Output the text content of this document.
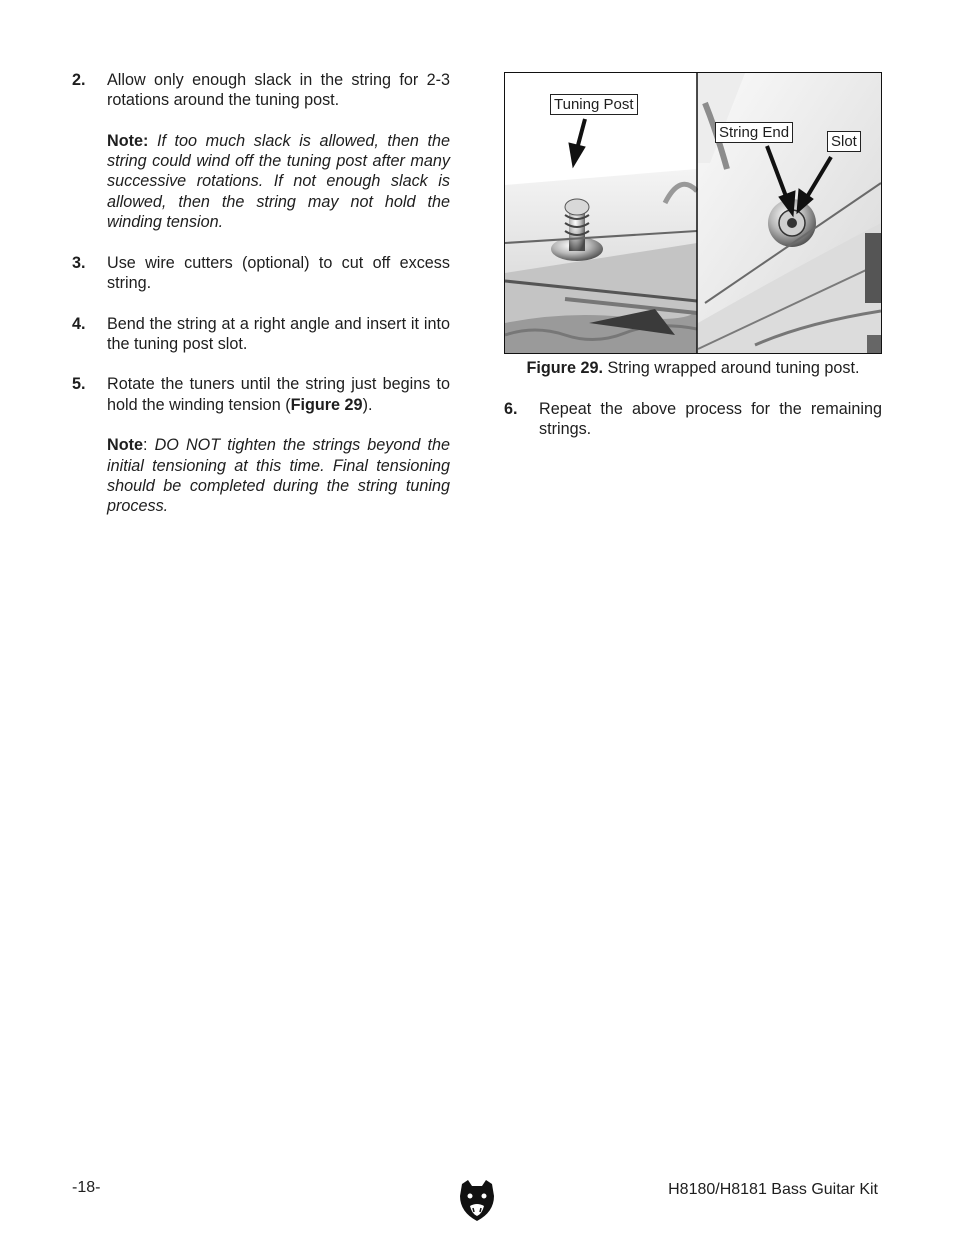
2. Allow only enough slack in the string for 2-3 rotations around the tuning post.
Note: If too much slack is allowed, then the string could wind off the tuning post after many successive rotations. If not enough slack is allowed, then the string may not hold the winding tension.
3. Use wire cutters (optional) to cut off excess string.
4. Bend the string at a right angle and insert it into the tuning post slot.
5. Rotate the tuners until the string just begins to hold the winding tension (Figure 29).
Note: DO NOT tighten the strings beyond the initial tensioning at this time. Final tensioning should be completed during the string tuning process.
Tuning Post
String End
Slot
Figure 29. String wrapped around tuning post.
6. Repeat the above process for the remaining strings.
-18-	H8180/H8181 Bass Guitar Kit
